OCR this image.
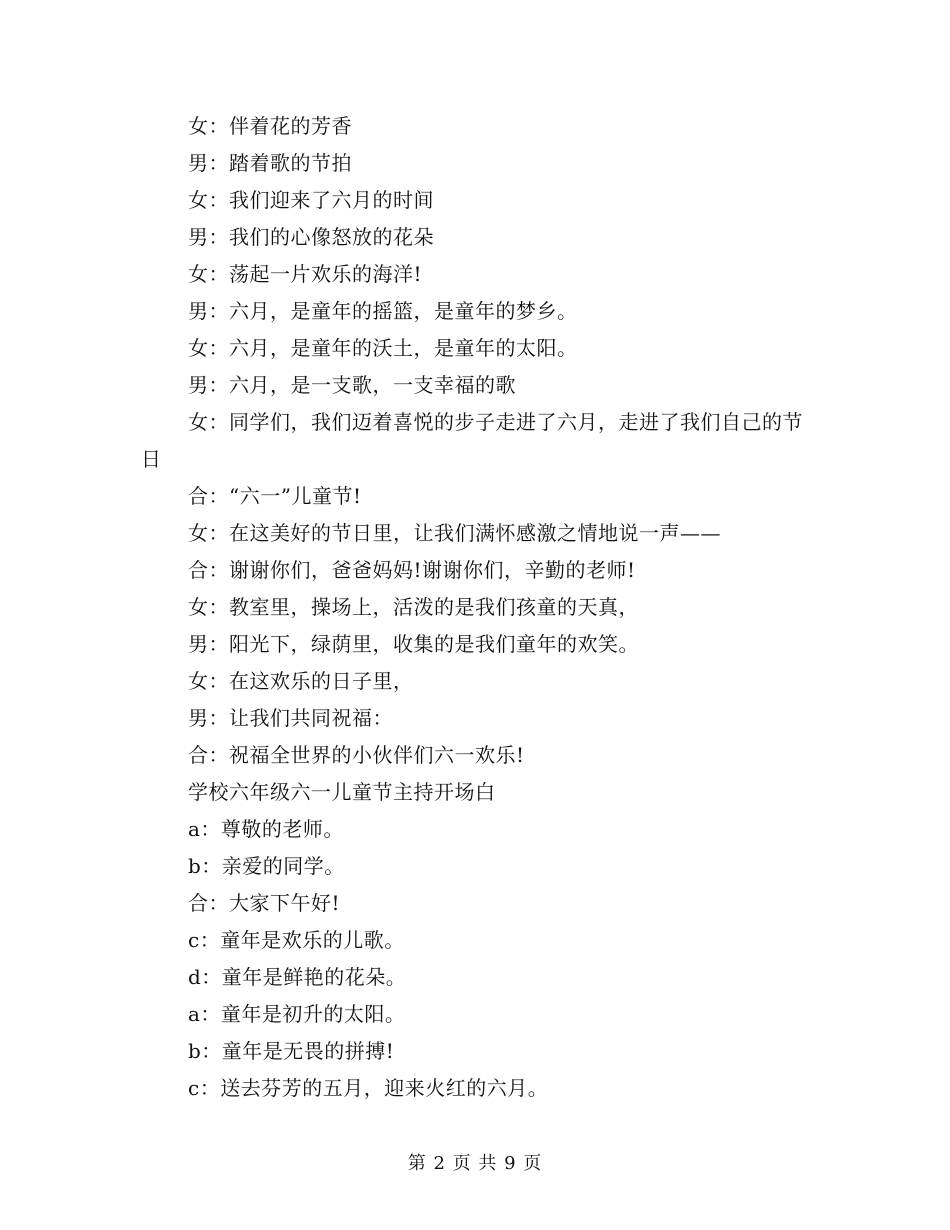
女：伴着花的芳香
男：踏着歌的节拍
女：我们迎来了六月的时间
男：我们的心像怒放的花朵
女：荡起一片欢乐的海洋!
男：六月，是童年的摇篮，是童年的梦乡。
女：六月，是童年的沃土，是童年的太阳。
男：六月，是一支歌，一支幸福的歌
女：同学们，我们迈着喜悦的步子走进了六月，走进了我们自己的节日
合：“六一”儿童节!
女：在这美好的节日里，让我们满怀感激之情地说一声——
合：谢谢你们，爸爸妈妈!谢谢你们，辛勤的老师!
女：教室里，操场上，活泼的是我们孩童的天真，
男：阳光下，绿荫里，收集的是我们童年的欢笑。
女：在这欢乐的日子里，
男：让我们共同祝福：
合：祝福全世界的小伙伴们六一欢乐!
学校六年级六一儿童节主持开场白
a：尊敬的老师。
b：亲爱的同学。
合：大家下午好!
c：童年是欢乐的儿歌。
d：童年是鲜艳的花朵。
a：童年是初升的太阳。
b：童年是无畏的拼搏!
c：送去芬芳的五月，迎来火红的六月。
第 2 页 共 9 页
